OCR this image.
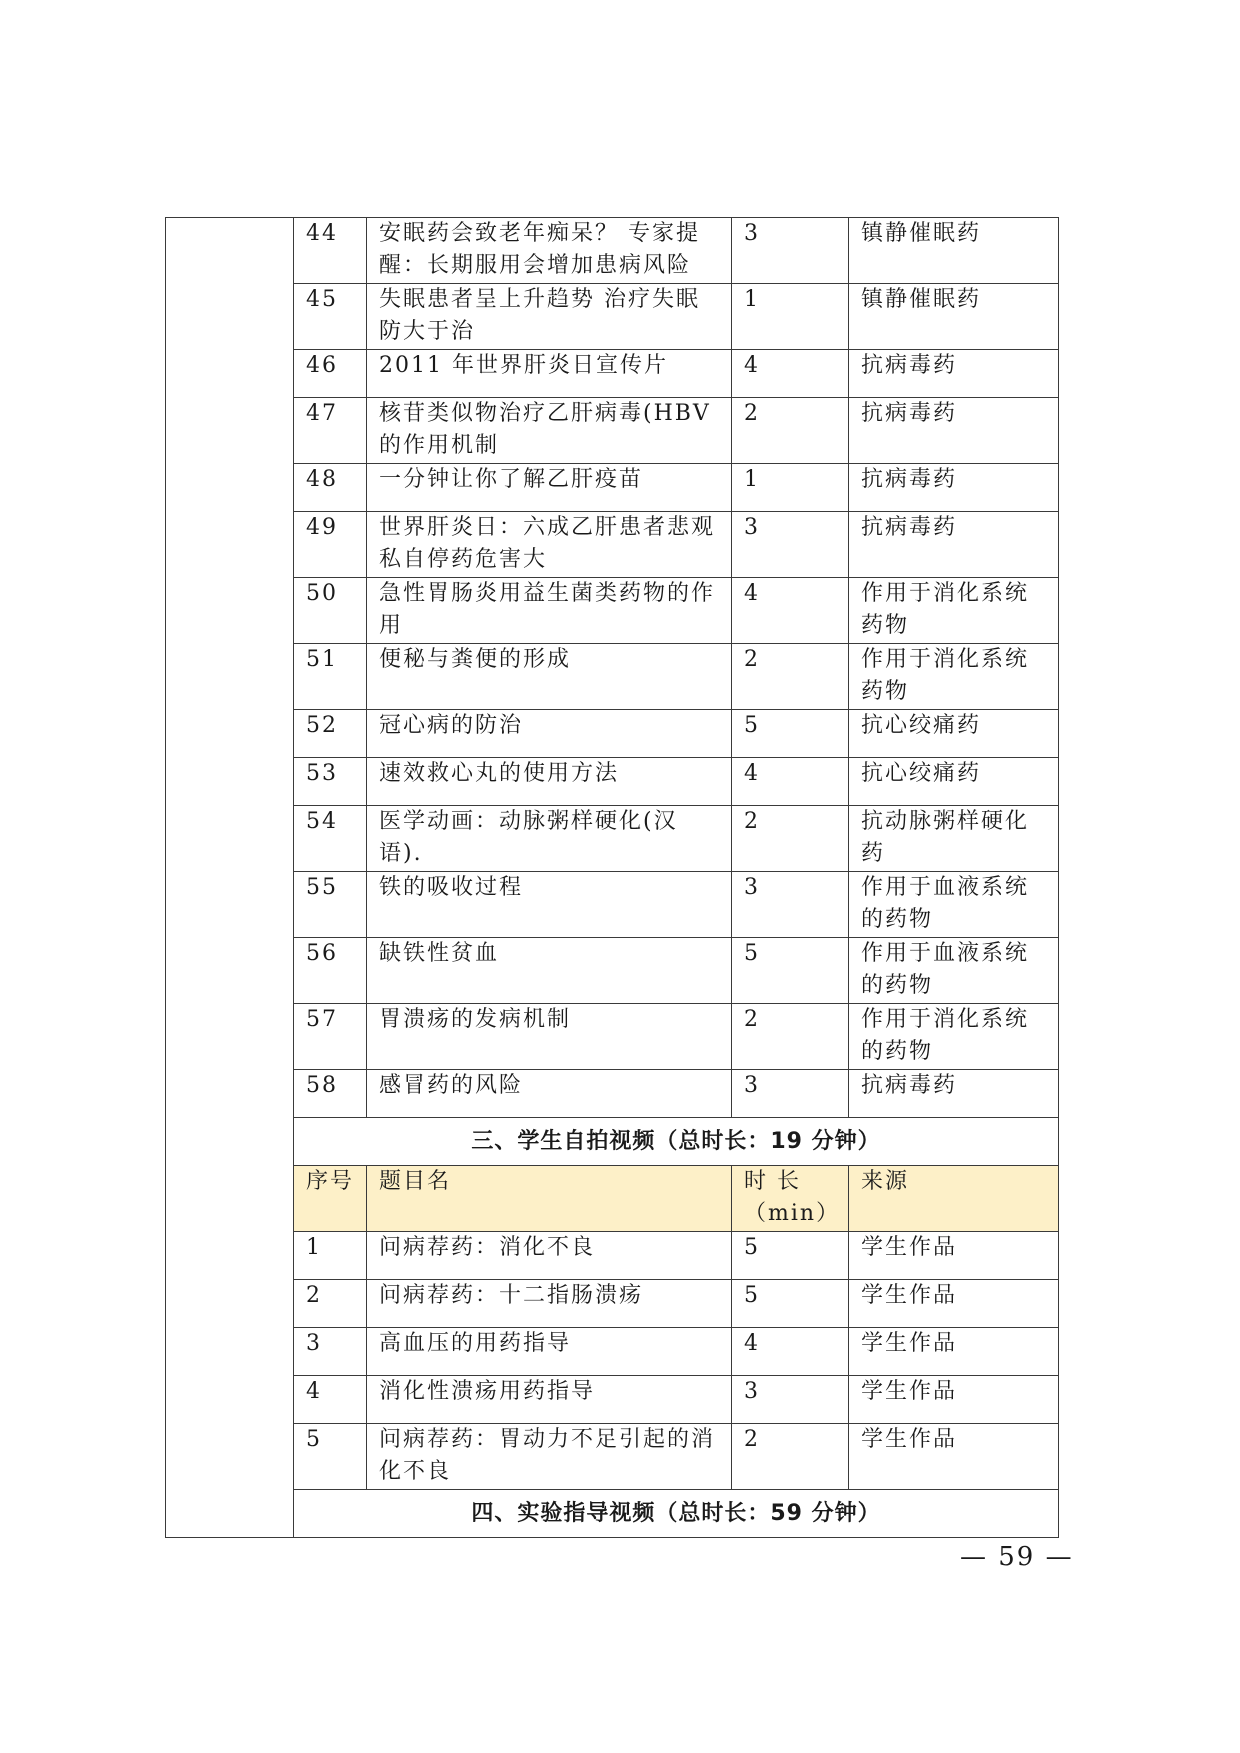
	44	安眠药会致老年痴呆？ 专家提醒：长期服用会增加患病风险	3	镇静催眠药
	45	失眠患者呈上升趋势 治疗失眠防大于治	1	镇静催眠药
	46	2011 年世界肝炎日宣传片	4	抗病毒药
	47	核苷类似物治疗乙肝病毒(HBV的作用机制	2	抗病毒药
	48	一分钟让你了解乙肝疫苗	1	抗病毒药
	49	世界肝炎日：六成乙肝患者悲观私自停药危害大	3	抗病毒药
	50	急性胃肠炎用益生菌类药物的作用	4	作用于消化系统药物
	51	便秘与粪便的形成	2	作用于消化系统药物
	52	冠心病的防治	5	抗心绞痛药
	53	速效救心丸的使用方法	4	抗心绞痛药
	54	医学动画：动脉粥样硬化(汉语).	2	抗动脉粥样硬化药
	55	铁的吸收过程	3	作用于血液系统的药物
	56	缺铁性贫血	5	作用于血液系统的药物
	57	胃溃疡的发病机制	2	作用于消化系统的药物
	58	感冒药的风险	3	抗病毒药
	三、学生自拍视频（总时长：19 分钟）			
	序号	题目名	时 长（min）	来源
	1	问病荐药：消化不良	5	学生作品
	2	问病荐药：十二指肠溃疡	5	学生作品
	3	高血压的用药指导	4	学生作品
	4	消化性溃疡用药指导	3	学生作品
	5	问病荐药：胃动力不足引起的消化不良	2	学生作品
	四、实验指导视频（总时长：59 分钟）			
— 59 —
